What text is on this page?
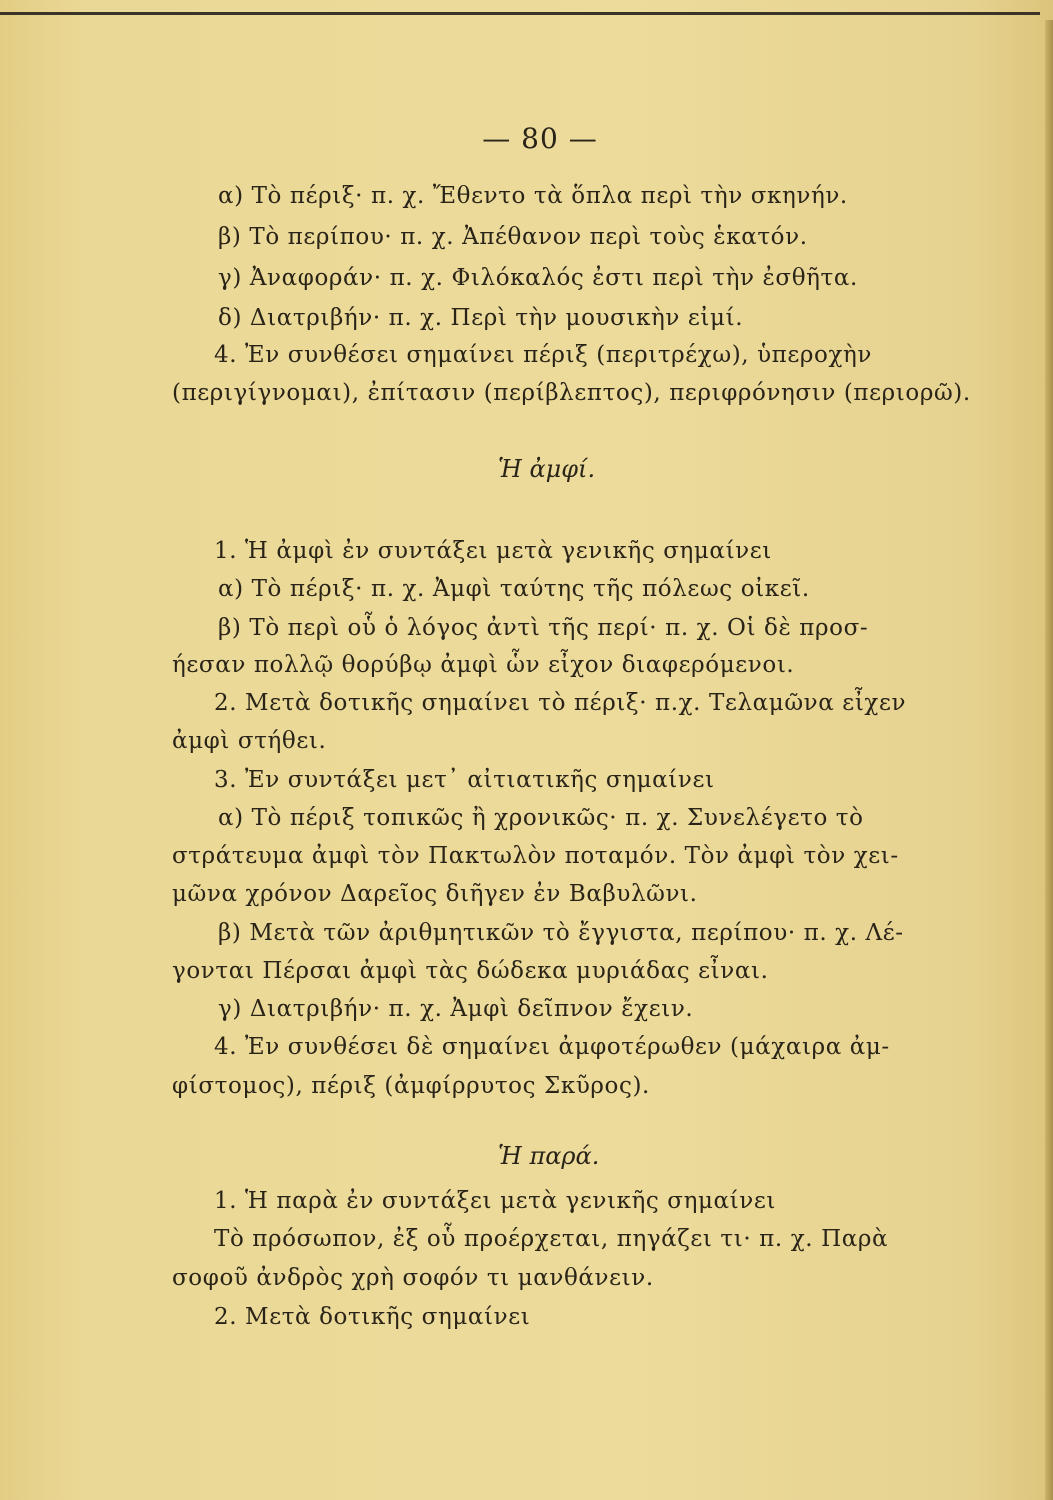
— 80 —
α) Τὸ πέριξ· π. χ. Ἔθεντο τὰ ὅπλα περὶ τὴν σκηνήν.
β) Τὸ περίπου· π. χ. Ἀπέθανον περὶ τοὺς ἑκατόν.
γ) Ἀναφοράν· π. χ. Φιλόκαλός ἐστι περὶ τὴν ἐσθῆτα.
δ) Διατριβήν· π. χ. Περὶ τὴν μουσικὴν εἰμί.
4. Ἐν συνθέσει σημαίνει πέριξ (περιτρέχω), ὑπεροχὴν
(περιγίγνομαι), ἐπίτασιν (περίβλεπτος), περιφρόνησιν (περιορῶ).
Ἡ ἀμφί.
1. Ἡ ἀμφὶ ἐν συντάξει μετὰ γενικῆς σημαίνει
α) Τὸ πέριξ· π. χ. Ἀμφὶ ταύτης τῆς πόλεως οἰκεῖ.
β) Τὸ περὶ οὗ ὁ λόγος ἀντὶ τῆς περί· π. χ. Οἱ δὲ προσ-
ήεσαν πολλῷ θορύβῳ ἀμφὶ ὧν εἶχον διαφερόμενοι.
2. Μετὰ δοτικῆς σημαίνει τὸ πέριξ· π.χ. Τελαμῶνα εἶχεν
ἀμφὶ στήθει.
3. Ἐν συντάξει μετ᾿ αἰτιατικῆς σημαίνει
α) Τὸ πέριξ τοπικῶς ἢ χρονικῶς· π. χ. Συνελέγετο τὸ
στράτευμα ἀμφὶ τὸν Πακτωλὸν ποταμόν. Τὸν ἀμφὶ τὸν χει-
μῶνα χρόνον Δαρεῖος διῆγεν ἐν Βαβυλῶνι.
β) Μετὰ τῶν ἀριθμητικῶν τὸ ἔγγιστα, περίπου· π. χ. Λέ-
γονται Πέρσαι ἀμφὶ τὰς δώδεκα μυριάδας εἶναι.
γ) Διατριβήν· π. χ. Ἀμφὶ δεῖπνον ἔχειν.
4. Ἐν συνθέσει δὲ σημαίνει ἀμφοτέρωθεν (μάχαιρα ἀμ-
φίστομος), πέριξ (ἀμφίρρυτος Σκῦρος).
Ἡ παρά.
1. Ἡ παρὰ ἐν συντάξει μετὰ γενικῆς σημαίνει
Τὸ πρόσωπον, ἐξ οὗ προέρχεται, πηγάζει τι· π. χ. Παρὰ
σοφοῦ ἀνδρὸς χρὴ σοφόν τι μανθάνειν.
2. Μετὰ δοτικῆς σημαίνει
